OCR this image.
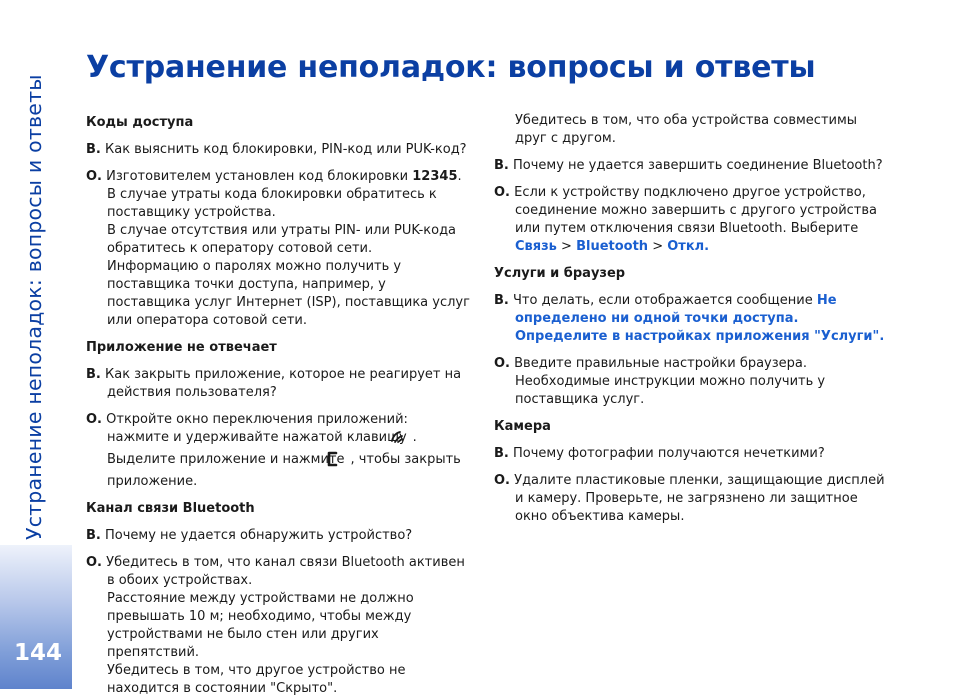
Устранение неполадок: вопросы и ответы
144
Устранение неполадок: вопросы и ответы

Коды доступа

В. Как выяснить код блокировки, PIN-код или PUK-код?

О. Изготовителем установлен код блокировки 12345. В случае утраты кода блокировки обратитесь к поставщику устройства.

В случае отсутствия или утраты PIN- или PUK-кода обратитесь к оператору сотовой сети.

Информацию о паролях можно получить у поставщика точки доступа, например, у поставщика услуг Интернет (ISP), поставщика услуг или оператора сотовой сети.

Приложение не отвечает

В. Как закрыть приложение, которое не реагирует на действия пользователя?

О. Откройте окно переключения приложений: нажмите и удерживайте нажатой клавишу . Выделите приложение и нажмите , чтобы закрыть приложение.

Канал связи Bluetooth

В. Почему не удается обнаружить устройство?

О. Убедитесь в том, что канал связи Bluetooth активен в обоих устройствах.

Расстояние между устройствами не должно превышать 10 м; необходимо, чтобы между устройствами не было стен или других препятствий.

Убедитесь в том, что другое устройство не находится в состоянии "Скрыто".

Убедитесь в том, что оба устройства совместимы друг с другом.

В. Почему не удается завершить соединение Bluetooth?

О. Если к устройству подключено другое устройство, соединение можно завершить с другого устройства или путем отключения связи Bluetooth. Выберите Связь > Bluetooth > Откл.

Услуги и браузер

В. Что делать, если отображается сообщение Не определено ни одной точки доступа. Определите в настройках приложения "Услуги".

О. Введите правильные настройки браузера. Необходимые инструкции можно получить у поставщика услуг.

Камера

В. Почему фотографии получаются нечеткими?

О. Удалите пластиковые пленки, защищающие дисплей и камеру. Проверьте, не загрязнено ли защитное окно объектива камеры.
